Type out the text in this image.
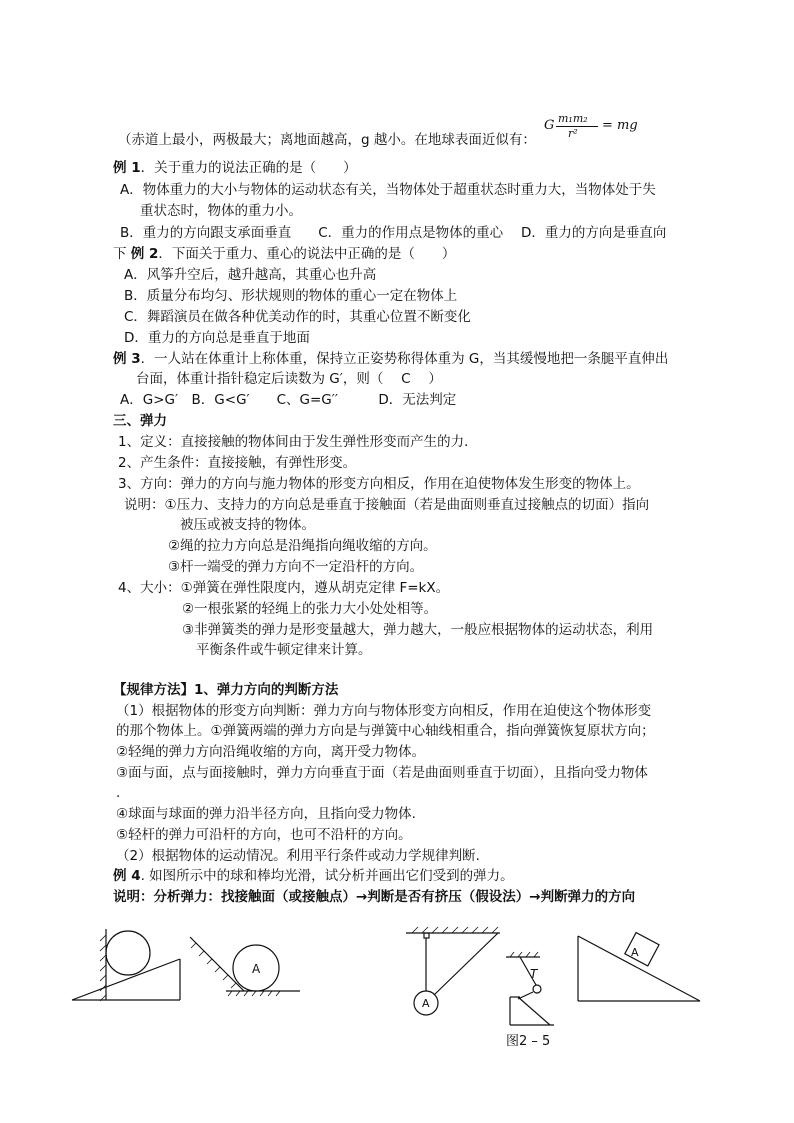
G m₁m₂
r²
= mg
（赤道上最小，两极最大；离地面越高，g 越小。在地球表面近似有：
例 1．关于重力的说法正确的是（　　）
A．物体重力的大小与物体的运动状态有关，当物体处于超重状态时重力大，当物体处于失
重状态时，物体的重力小。
B．重力的方向跟支承面垂直　　C．重力的作用点是物体的重心　 D．重力的方向是垂直向
下 例 2．下面关于重力、重心的说法中正确的是（　　）
A．风筝升空后，越升越高，其重心也升高
B．质量分布均匀、形状规则的物体的重心一定在物体上
C．舞蹈演员在做各种优美动作的时，其重心位置不断变化
D．重力的方向总是垂直于地面
例 3．一人站在体重计上称体重，保持立正姿势称得体重为 G，当其缓慢地把一条腿平直伸出
台面，体重计指针稳定后读数为 G′，则（　 C　 ）
A．G>G′　B．G<G′　　C、G=G′′　　　D．无法判定
三、弹力
1、定义：直接接触的物体间由于发生弹性形变而产生的力．
2、产生条件：直接接触，有弹性形变。
3、方向：弹力的方向与施力物体的形变方向相反，作用在迫使物体发生形变的物体上。
说明：①压力、支持力的方向总是垂直于接触面（若是曲面则垂直过接触点的切面）指向
被压或被支持的物体。
②绳的拉力方向总是沿绳指向绳收缩的方向。
③杆一端受的弹力方向不一定沿杆的方向。
4、大小：①弹簧在弹性限度内，遵从胡克定律 F=kX。
②一根张紧的轻绳上的张力大小处处相等。
③非弹簧类的弹力是形变量越大，弹力越大，一般应根据物体的运动状态，利用
平衡条件或牛顿定律来计算。
【规律方法】1、弹力方向的判断方法
（1）根据物体的形变方向判断：弹力方向与物体形变方向相反，作用在迫使这个物体形变
的那个物体上。①弹簧两端的弹力方向是与弹簧中心轴线相重合，指向弹簧恢复原状方向；
②轻绳的弹力方向沿绳收缩的方向，离开受力物体。
③面与面，点与面接触时，弹力方向垂直于面（若是曲面则垂直于切面），且指向受力物体
.
④球面与球面的弹力沿半径方向，且指向受力物体.
⑤轻杆的弹力可沿杆的方向，也可不沿杆的方向。
（2）根据物体的运动情况。利用平行条件或动力学规律判断.
例 4. 如图所示中的球和棒均光滑，试分析并画出它们受到的弹力。
说明：分析弹力：找接触面（或接触点）→判断是否有挤压（假设法）→判断弹力的方向
A
A
T
A
图2 – 5
